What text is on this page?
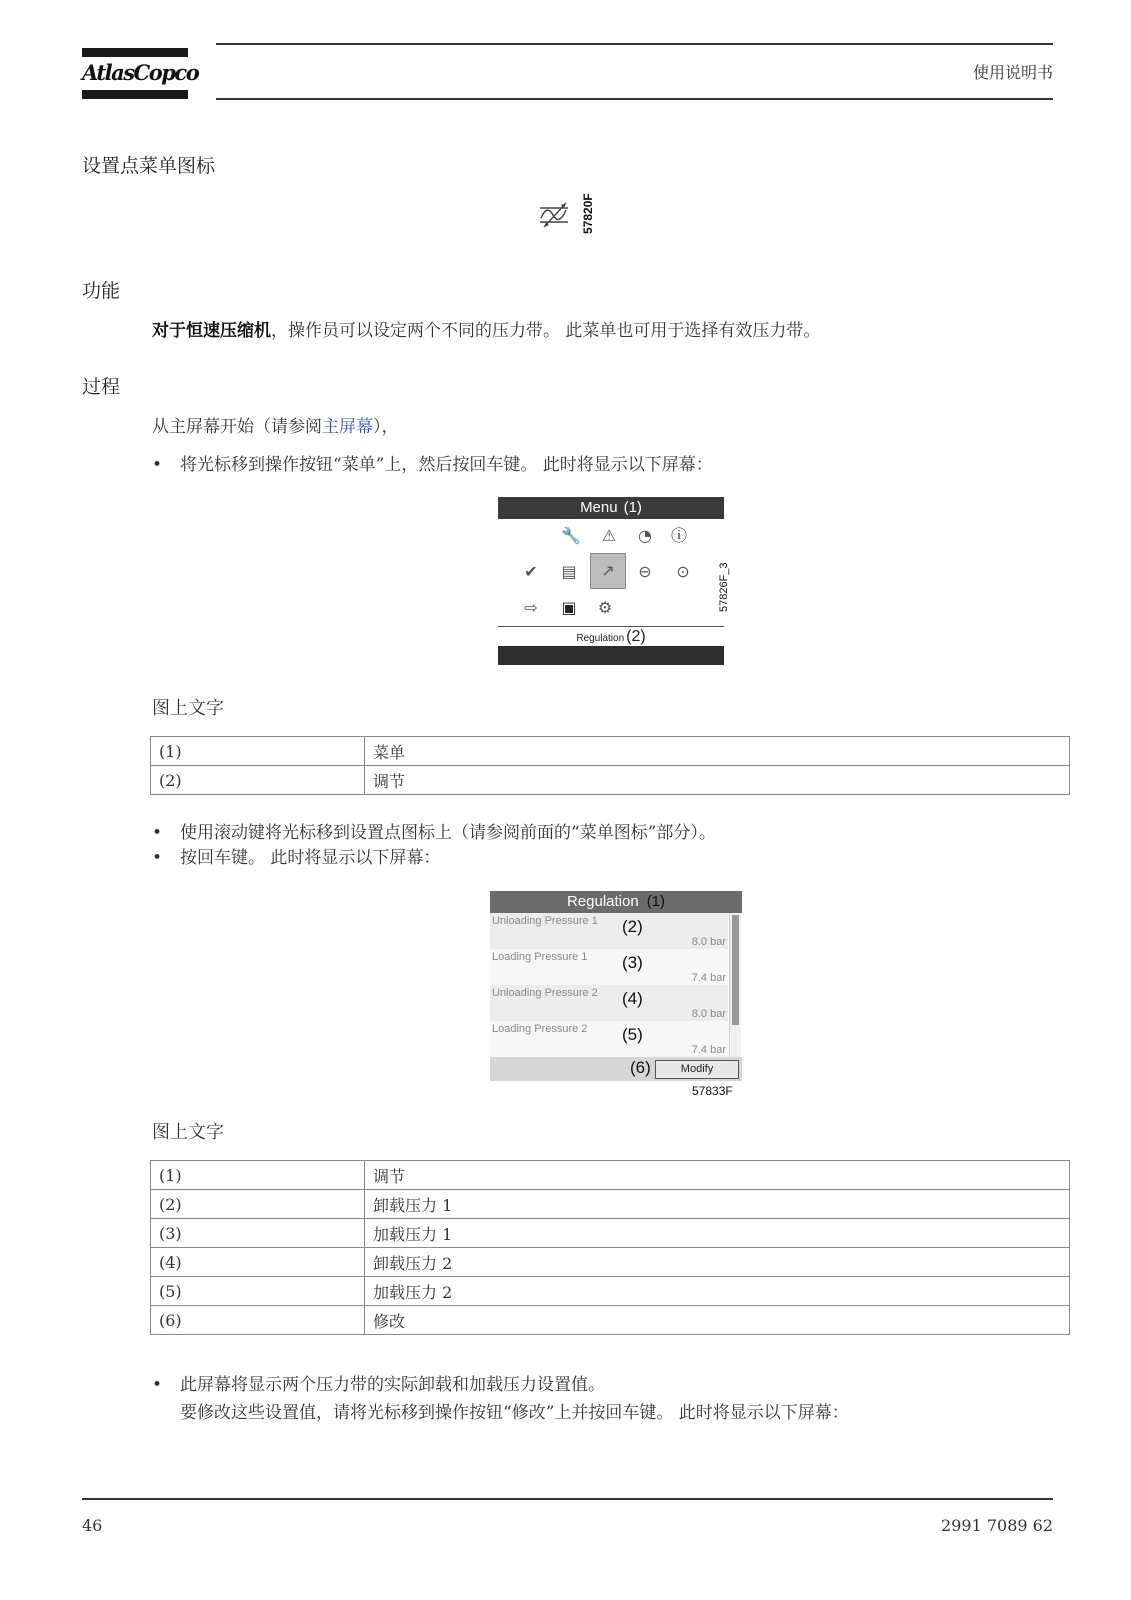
AtlasCopco	使用说明书
设置点菜单图标
57820F
功能
对于恒速压缩机，操作员可以设定两个不同的压力带。 此菜单也可用于选择有效压力带。
过程
从主屏幕开始（请参阅主屏幕），
• 将光标移到操作按钮“菜单”上，然后按回车键。 此时将显示以下屏幕：
Menu (1)
🔧 ⚠ ◔ ⓘ
✔ ▤	↗	⊖ ⊙
⇨ ▣ ⚙
Regulation (2)
57826F_3
图上文字
(1)	菜单
(2)	调节
• 使用滚动键将光标移到设置点图标上（请参阅前面的“菜单图标”部分）。
• 按回车键。 此时将显示以下屏幕：
Regulation (1)
Unloading Pressure 1 (2)
8.0 bar
Loading Pressure 1 (3)
7.4 bar
Unloading Pressure 2 (4)
8.0 bar
Loading Pressure 2 (5)
7.4 bar
(6)	Modify
57833F
图上文字
(1)	调节
(2)	卸载压力 1
(3)	加载压力 1
(4)	卸载压力 2
(5)	加载压力 2
(6)	修改
• 此屏幕将显示两个压力带的实际卸载和加载压力设置值。
要修改这些设置值，请将光标移到操作按钮“修改”上并按回车键。 此时将显示以下屏幕：
46	2991 7089 62
